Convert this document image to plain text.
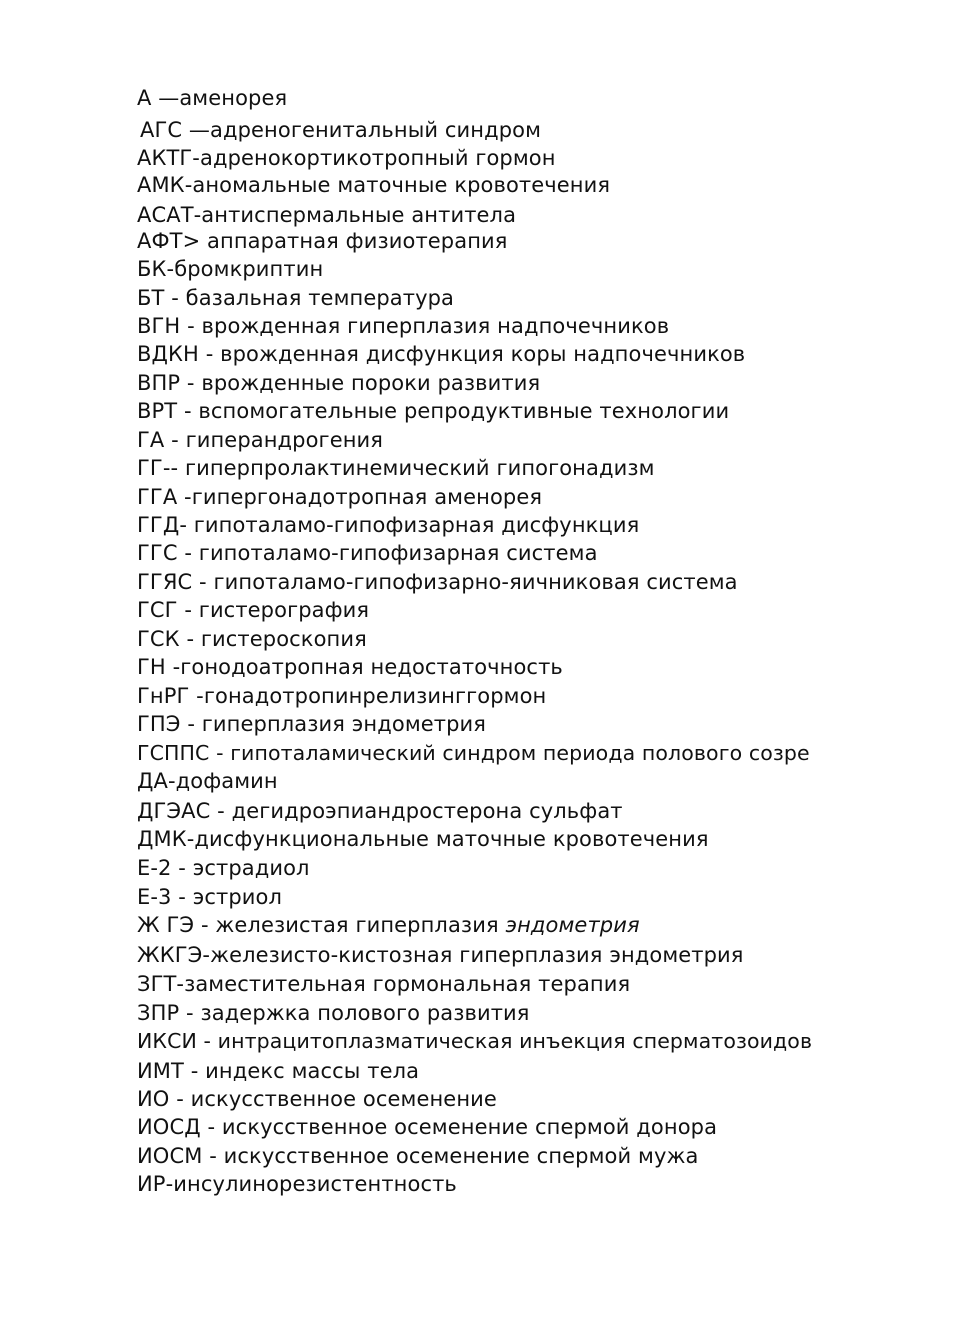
А —аменорея
АГС —адреногенитальный синдром
АКТГ-адренокортикотропный гормон
АМК-аномальные маточные кровотечения
АСАТ-антиспермальные антитела
АФТ> аппаратная физиотерапия
БК-бромкриптин
БТ - базальная температура
ВГН - врожденная гиперплазия надпочечников
ВДКН - врожденная дисфункция коры надпочечников
ВПР - врожденные пороки развития
ВРТ - вспомогательные репродуктивные технологии
ГА - гиперандрогения
ГГ-- гиперпролактинемический гипогонадизм
ГГА -гипергонадотропная аменорея
ГГД- гипоталамо-гипофизарная дисфункция
ГГС - гипоталамо-гипофизарная система
ГГЯС - гипоталамо-гипофизарно-яичниковая система
ГСГ - гистерография
ГСК - гистероскопия
ГН -гонодоатропная недостаточность
ГнРГ -гонадотропинрелизинггормон
ГПЭ - гиперплазия эндометрия
ГСППС - гипоталамический синдром периода полового созре
ДА-дофамин
ДГЭАС - дегидроэпиандростерона сульфат
ДМК-дисфункциональные маточные кровотечения
Е-2 - эстрадиол
Е-3 - эстриол
Ж ГЭ - железистая гиперплазия эндометрия
ЖКГЭ-железисто-кистозная гиперплазия эндометрия
ЗГТ-заместительная гормональная терапия
ЗПР - задержка полового развития
ИКСИ - интрацитоплазматическая инъекция сперматозоидов
ИМТ - индекс массы тела
ИО - искусственное осеменение
ИОСД - искусственное осеменение спермой донора
ИОСМ - искусственное осеменение спермой мужа
ИР-инсулинорезистентность
